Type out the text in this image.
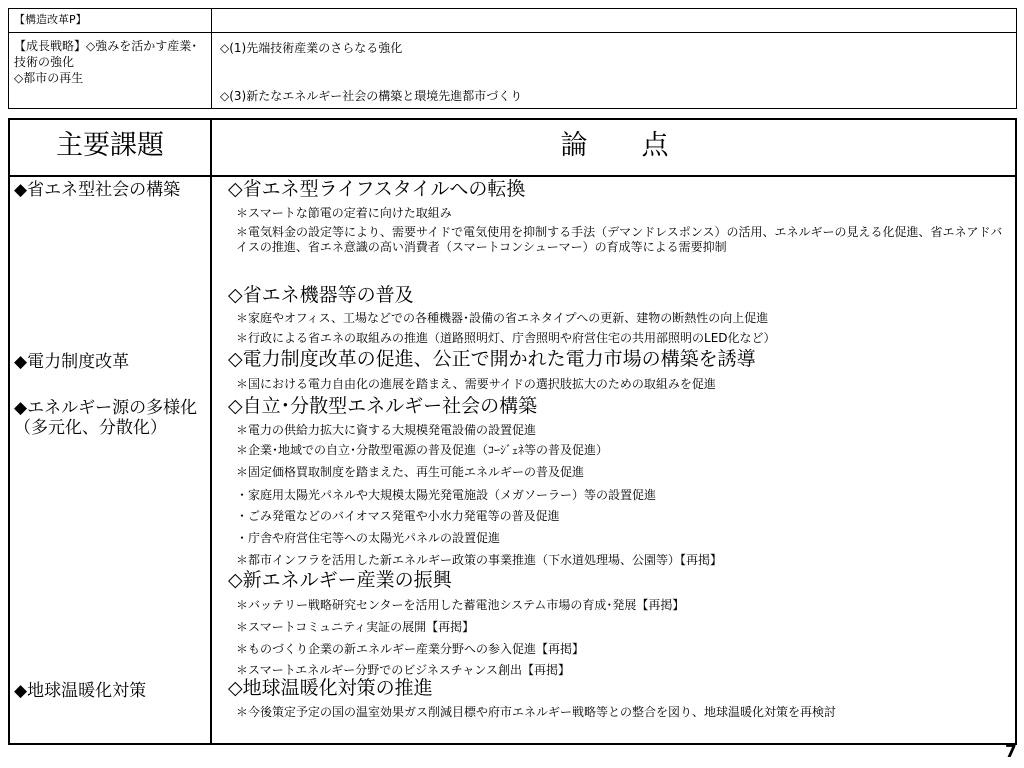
【構造改革P】
【成長戦略】◇強みを活かす産業･技術の強化
◇都市の再生
◇(1)先端技術産業のさらなる強化
◇(3)新たなエネルギー社会の構築と環境先進都市づくり
主要課題	論　　点
◆省エネ型社会の構築
◆電力制度改革
◆エネルギー源の多様化（多元化、分散化）
◆地球温暖化対策
◇省エネ型ライフスタイルへの転換
＊スマートな節電の定着に向けた取組み
＊電気料金の設定等により、需要サイドで電気使用を抑制する手法（デマンドレスポンス）の活用、エネルギーの見える化促進、省エネアドバイスの推進、省エネ意識の高い消費者（スマートコンシューマー）の育成等による需要抑制
◇省エネ機器等の普及
＊家庭やオフィス、工場などでの各種機器･設備の省エネタイプへの更新、建物の断熱性の向上促進
＊行政による省エネの取組みの推進（道路照明灯、庁舎照明や府営住宅の共用部照明のLED化など）
◇電力制度改革の促進、公正で開かれた電力市場の構築を誘導
＊国における電力自由化の進展を踏まえ、需要サイドの選択肢拡大のための取組みを促進
◇自立･分散型エネルギー社会の構築
＊電力の供給力拡大に資する大規模発電設備の設置促進
＊企業･地域での自立･分散型電源の普及促進（ｺｰｼﾞｪﾈ等の普及促進）
＊固定価格買取制度を踏まえた、再生可能エネルギーの普及促進
・家庭用太陽光パネルや大規模太陽光発電施設（メガソーラー）等の設置促進
・ごみ発電などのバイオマス発電や小水力発電等の普及促進
・庁舎や府営住宅等への太陽光パネルの設置促進
＊都市インフラを活用した新エネルギー政策の事業推進（下水道処理場、公園等）【再掲】
◇新エネルギー産業の振興
＊バッテリー戦略研究センターを活用した蓄電池システム市場の育成･発展【再掲】
＊スマートコミュニティ実証の展開【再掲】
＊ものづくり企業の新エネルギー産業分野への参入促進【再掲】
＊スマートエネルギー分野でのビジネスチャンス創出【再掲】
◇地球温暖化対策の推進
＊今後策定予定の国の温室効果ガス削減目標や府市エネルギー戦略等との整合を図り、地球温暖化対策を再検討
7
